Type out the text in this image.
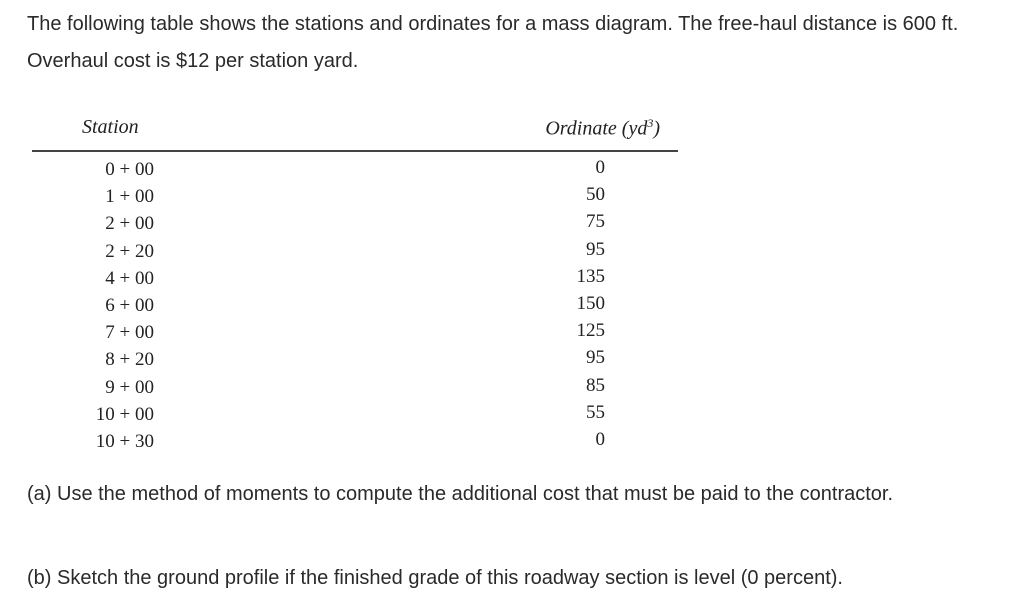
The following table shows the stations and ordinates for a mass diagram. The free-haul distance is 600 ft. Overhaul cost is $12 per station yard.

Station	Ordinate $(yd^3)$
0 + 00	0
1 + 00	50
2 + 00	75
2 + 20	95
4 + 00	135
6 + 00	150
7 + 00	125
8 + 20	95
9 + 00	85
10 + 00	55
10 + 30	0

(a) Use the method of moments to compute the additional cost that must be paid to the contractor.

(b) Sketch the ground profile if the finished grade of this roadway section is level (0 percent).
